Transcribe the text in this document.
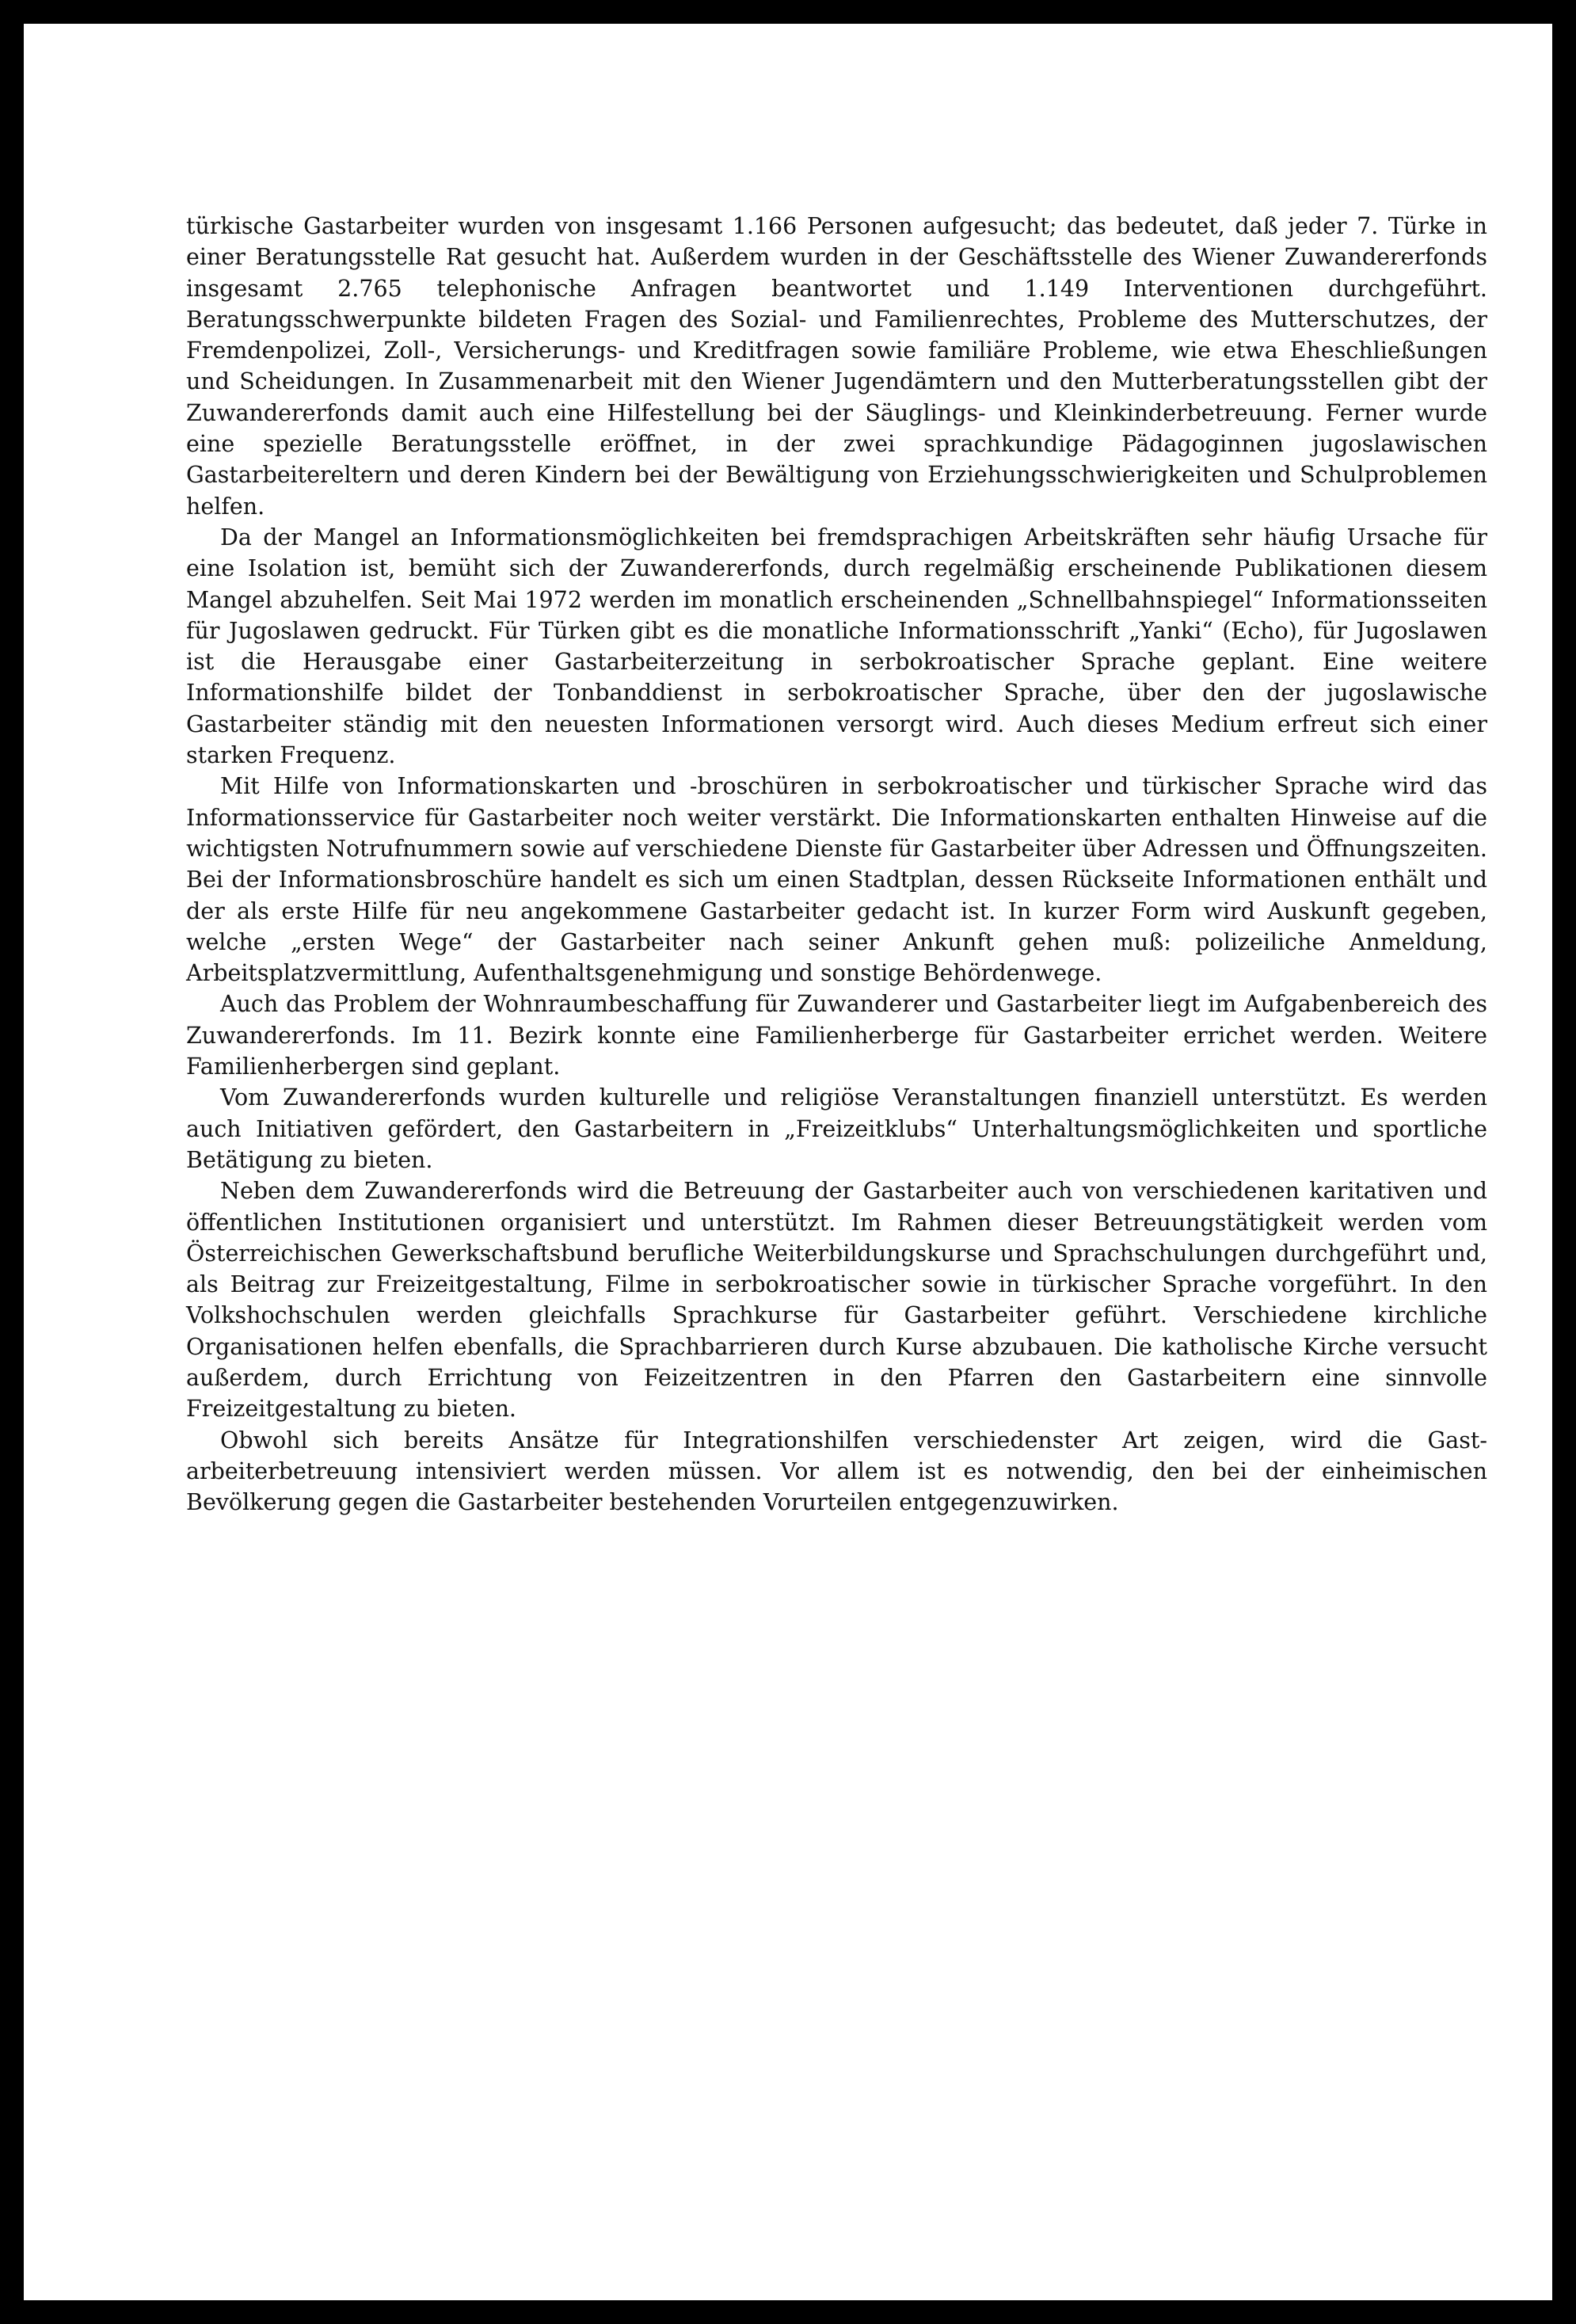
türkische Gastarbeiter wurden von insgesamt 1.166 Personen aufgesucht; das bedeutet, daß jeder 7. Türke in einer Beratungsstelle Rat gesucht hat. Außerdem wurden in der Geschäftsstelle des Wiener Zuwandererfonds insgesamt 2.765 telephonische Anfragen beantwortet und 1.149 Interventionen durchgeführt. Beratungsschwerpunkte bildeten Fragen des Sozial- und Familienrechtes, Probleme des Mutterschutzes, der Fremdenpolizei, Zoll-, Versicherungs- und Kreditfragen sowie familiäre Probleme, wie etwa Eheschließungen und Scheidungen. In Zusammenarbeit mit den Wiener Jugendämtern und den Mutterberatungsstellen gibt der Zuwandererfonds damit auch eine Hilfestellung bei der Säuglings- und Kleinkinderbetreuung. Ferner wurde eine spezielle Beratungsstelle eröffnet, in der zwei sprachkundige Pädagoginnen jugoslawischen Gastarbeitereltern und deren Kindern bei der Bewältigung von Erziehungsschwierigkeiten und Schulproblemen helfen.

Da der Mangel an Informationsmöglichkeiten bei fremdsprachigen Arbeitskräften sehr häufig Ursache für eine Isolation ist, bemüht sich der Zuwandererfonds, durch regelmäßig erscheinende Publikationen diesem Mangel abzuhelfen. Seit Mai 1972 werden im monatlich erscheinenden „Schnellbahnspiegel“ Informationsseiten für Jugoslawen gedruckt. Für Türken gibt es die monatliche Informationsschrift „Yanki“ (Echo), für Jugoslawen ist die Herausgabe einer Gastarbeiterzeitung in serbokroatischer Sprache geplant. Eine weitere Informationshilfe bildet der Tonbanddienst in serbokroatischer Sprache, über den der jugoslawische Gastarbeiter ständig mit den neuesten Informationen versorgt wird. Auch dieses Medium erfreut sich einer starken Frequenz.

Mit Hilfe von Informationskarten und -broschüren in serbokroatischer und türkischer Sprache wird das Informationsservice für Gastarbeiter noch weiter verstärkt. Die Informationskarten enthalten Hinweise auf die wichtigsten Notrufnummern sowie auf verschiedene Dienste für Gastarbeiter über Adressen und Öffnungszeiten. Bei der Informationsbroschüre handelt es sich um einen Stadtplan, dessen Rückseite Informationen enthält und der als erste Hilfe für neu angekommene Gastarbeiter gedacht ist. In kurzer Form wird Auskunft gegeben, welche „ersten Wege“ der Gastarbeiter nach seiner Ankunft gehen muß: polizeiliche Anmeldung, Arbeitsplatzvermittlung, Aufenthaltsgenehmigung und sonstige Behördenwege.

Auch das Problem der Wohnraumbeschaffung für Zuwanderer und Gastarbeiter liegt im Aufgabenbereich des Zuwandererfonds. Im 11. Bezirk konnte eine Familienherberge für Gastarbeiter errichet werden. Weitere Familienherbergen sind geplant.

Vom Zuwandererfonds wurden kulturelle und religiöse Veranstaltungen finanziell unterstützt. Es werden auch Initiativen gefördert, den Gastarbeitern in „Freizeitklubs“ Unterhaltungsmöglichkeiten und sportliche Betätigung zu bieten.

Neben dem Zuwandererfonds wird die Betreuung der Gastarbeiter auch von verschiedenen karitativen und öffentlichen Institutionen organisiert und unterstützt. Im Rahmen dieser Betreuungstätigkeit werden vom Österreichischen Gewerkschaftsbund berufliche Weiterbildungskurse und Sprachschulungen durchgeführt und, als Beitrag zur Freizeitgestaltung, Filme in serbokroatischer sowie in türkischer Sprache vorgeführt. In den Volkshochschulen werden gleichfalls Sprachkurse für Gastarbeiter geführt. Verschiedene kirchliche Organisationen helfen ebenfalls, die Sprachbarrieren durch Kurse abzubauen. Die katholische Kirche versucht außerdem, durch Errichtung von Feizeitzentren in den Pfarren den Gastarbeitern eine sinnvolle Freizeitgestaltung zu bieten.

Obwohl sich bereits Ansätze für Integrationshilfen verschiedenster Art zeigen, wird die Gastarbeiterbetreuung intensiviert werden müssen. Vor allem ist es notwendig, den bei der einheimischen Bevölkerung gegen die Gastarbeiter bestehenden Vorurteilen entgegenzuwirken.
